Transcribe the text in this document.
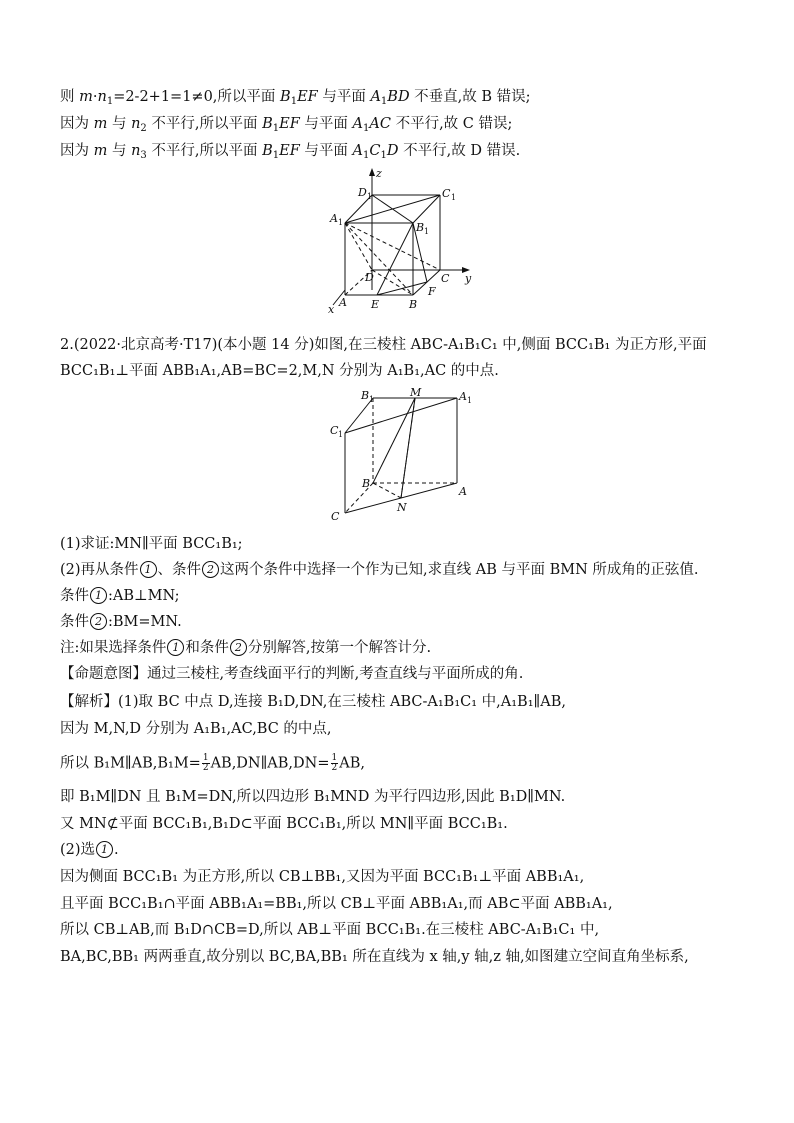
则 $m\cdot n_1=2-2+1=1\ne 0$,所以平面 $B_1EF$ 与平面 $A_1BD$ 不垂直,故 B 错误;
因为 m 与 $n_2$ 不平行,所以平面 $B_1EF$ 与平面 $A_1AC$ 不平行,故 C 错误;
因为 m 与 $n_3$ 不平行,所以平面 $B_1EF$ 与平面 $A_1C_1D$ 不平行,故 D 错误.
z
y
x
D 1	C 1
A 1	B 1
D	C
A E	B
F
2.(2022·北京高考·T17)(本小题 14 分)如图,在三棱柱 ABC-A₁B₁C₁ 中,侧面 BCC₁B₁ 为正方形,平面
BCC₁B₁⊥平面 ABB₁A₁,AB=BC=2,M,N 分别为 A₁B₁,AC 的中点.
B 1
M	A 1
C 1
B
A
N
C
(1)求证:MN∥平面 BCC₁B₁;
(2)再从条件 1 、条件 2 这两个条件中选择一个作为已知,求直线 AB 与平面 BMN 所成角的正弦值.
条件 1 :AB⊥MN;
条件 2 :BM=MN.
注:如果选择条件 1 和条件 2 分别解答,按第一个解答计分.
【命题意图】通过三棱柱,考查线面平行的判断,考查直线与平面所成的角.
【解析】(1)取 BC 中点 D,连接 B₁D,DN,在三棱柱 ABC-A₁B₁C₁ 中,A₁B₁∥AB,
因为 M,N,D 分别为 A₁B₁,AC,BC 的中点,
所以 B₁M∥AB,B₁M= $\frac{1}{2}$ AB,DN∥AB,DN= $\frac{1}{2}$ AB,
即 B₁M∥DN 且 B₁M=DN,所以四边形 B₁MND 为平行四边形,因此 B₁D∥MN.
又 MN⊄平面 BCC₁B₁,B₁D⊂平面 BCC₁B₁,所以 MN∥平面 BCC₁B₁.
(2)选 1 .
因为侧面 BCC₁B₁ 为正方形,所以 CB⊥BB₁,又因为平面 BCC₁B₁⊥平面 ABB₁A₁,
且平面 BCC₁B₁∩平面 ABB₁A₁=BB₁,所以 CB⊥平面 ABB₁A₁,而 AB⊂平面 ABB₁A₁,
所以 CB⊥AB,而 B₁D∩CB=D,所以 AB⊥平面 BCC₁B₁.在三棱柱 ABC-A₁B₁C₁ 中,
BA,BC,BB₁ 两两垂直,故分别以 BC,BA,BB₁ 所在直线为 x 轴,y 轴,z 轴,如图建立空间直角坐标系,
